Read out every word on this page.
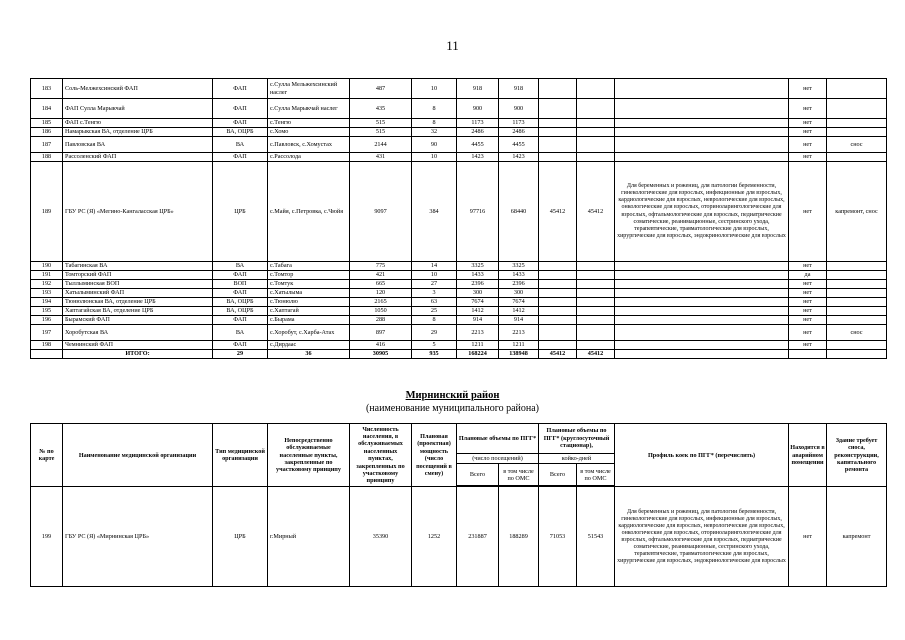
11
183	Соль-Мелжехсинский ФАП	ФАП	с.Сулла Мельжехсинский наслег	487	10	918	918				нет	
184	ФАП Сулла Марыкчай	ФАП	с.Сулла Марыкчай наслег	435	8	900	900				нет	
185	ФАП с.Тенгю	ФАП	с.Тенгю	515	8	1173	1173				нет	
186	Намарыкская ВА, отделение ЦРБ	ВА, ОЦРБ	с.Хомо	515	32	2486	2486				нет	
187	Павловская ВА	ВА	с.Павловск, с.Хомустах	2144	90	4455	4455				нет	снос
188	Рассоленский ФАП	ФАП	с.Рассолода	431	10	1423	1423				нет	
189	ГБУ РС (Я) «Мегино-Кангаласская ЦРБ»	ЦРБ	с.Майя, с.Петровка, с.Чюйя	9097	384	97716	68440	45412	45412	Для беременных и рожениц, для патологии беременности, гинекологические для взрослых, инфекционные для взрослых, кардиологические для взрослых, неврологические для взрослых, онкологические для взрослых, оториноларингологические для взрослых, офтальмологические для взрослых, педиатрические соматические, реанимационные, сестринского ухода, терапевтические, травматологические для взрослых, хирургические для взрослых, эндокринологические для взрослых	нет	капремонт, снос
190	Табагинская ВА	ВА	с.Табага	775	14	3325	3325				нет	
191	Томторский ФАП	ФАП	с.Томтор	421	10	1433	1433				да	
192	Тыллыминская ВОП	ВОП	с.Томтук	665	27	2396	2396				нет	
193	Хатылыминский ФАП	ФАП	с.Хатылыма	120	3	300	300				нет	
194	Тюнюлюнская ВА, отделение ЦРБ	ВА, ОЦРБ	с.Тюнюлю	2165	63	7674	7674				нет	
195	Хаптагайская ВА, отделение ЦРБ	ВА, ОЦРБ	с.Хаптагай	1050	25	1412	1412				нет	
196	Бырамский ФАП	ФАП	с.Бырама	288	8	914	914				нет	
197	Хоробутская ВА	ВА	с.Хоробут, с.Харба-Атах	897	29	2213	2213				нет	снос
198	Чемнинский ФАП	ФАП	с.Дирдаас	416	5	1211	1211				нет	
	ИТОГО:	29	36	30905	935	168224	138948	45412	45412			
Мирнинский район
(наименование муниципального района)
№ по карте	Наименование медицинской организации	Тип медицинской организации	Непосредственно обслуживаемые населенные пункты, закрепленные по участковому принципу	Численность населения, в обслуживаемых населенных пунктах, закрепленных по участковому принципу	Плановая (проектная) мощность (число посещений в смену)	Плановые объемы по ПГГ*		Плановые объемы по ПГГ* (круглосуточный стационар),		Профиль коек по ПГГ* (перечислить)	Находится в аварийном помещении	Здание требует сноса, реконструкции, капитального ремонта
						(число посещений)		койко-дней				
						Всего	в том числе по ОМС	Всего	в том числе по ОМС			

199	ГБУ РС (Я) «Мирнинская ЦРБ»	ЦРБ	г.Мирный	35390	1252	231887	188289	71053	51543	Для беременных и рожениц, для патологии беременности, гинекологические для взрослых, инфекционные для взрослых, кардиологические для взрослых, неврологические для взрослых, онкологические для взрослых, оториноларингологические для взрослых, офтальмологические для взрослых, педиатрические соматические, реанимационные, сестринского ухода, терапевтические, травматологические для взрослых, хирургические для взрослых, эндокринологические для взрослых	нет	капремонт
